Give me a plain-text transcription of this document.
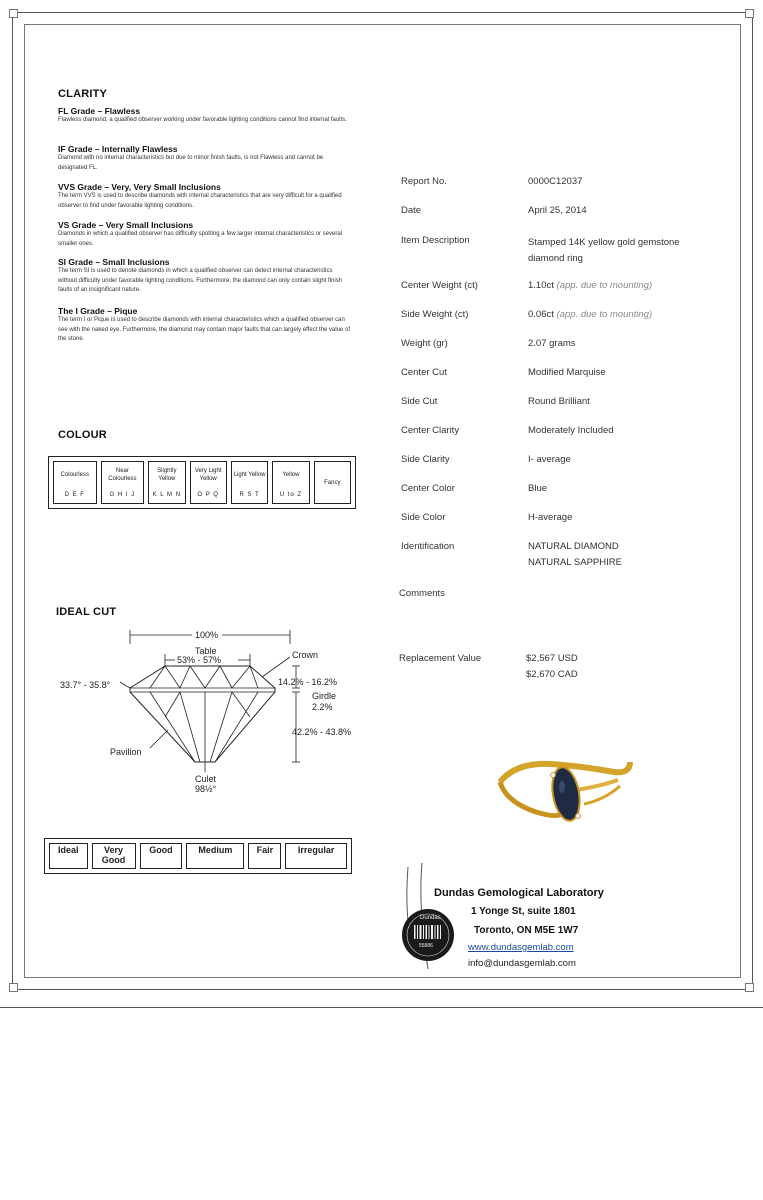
CLARITY
FL Grade – Flawless
Flawless diamond, a qualified observer working under favorable lighting conditions cannot find internal faults.
IF Grade – Internally Flawless
Diamond with no internal characteristics but due to minor finish faults, is not Flawless and cannot be designated FL.
VVS Grade – Very, Very Small Inclusions
The term VVS is used to describe diamonds with internal characteristics that are very difficult for a qualified observer to find under favorable lighting conditions.
VS Grade – Very Small Inclusions
Diamonds in which a qualified observer has difficulty spotting a few larger internal characteristics or several smaller ones.
SI Grade – Small Inclusions
The term SI is used to denote diamonds in which a qualified observer can detect internal characteristics without difficulty under favorable lighting conditions. Furthermore, the diamond can only contain slight finish faults of an insignificant nature.
The I Grade – Pique
The term I or Pique is used to describe diamonds with internal characteristics which a qualified observer can see with the naked eye. Furthermore, the diamond may contain major faults that can largely effect the value of the stone.
COLOUR
Colourless
D E F

Near Colourless
G H I J

Slightly Yellow
K L M N

Very Light Yellow
O P Q

Light Yellow
R S T

Yellow
U to Z

Fancy
IDEAL CUT
100%
Table
53% - 57%	Crown
33.7° - 35.8°	14.2% - 16.2%
Girdle
2.2%
42.2% - 43.8%
Pavilion
Culet
98½°
Ideal	Very Good	Good	Medium	Fair	Irregular
Report No.	0000C12037
Date	April 25, 2014
Item Description	Stamped 14K yellow gold gemstone diamond ring
Center Weight (ct)	1.10ct (app. due to mounting)
Side Weight (ct)	0.06ct (app. due to mounting)
Weight (gr)	2.07 grams
Center Cut	Modified Marquise
Side Cut	Round Brilliant
Center Clarity	Moderately Included
Side Clarity	I- average
Center Color	Blue
Side Color	H-average
Identification	NATURAL DIAMOND
NATURAL SAPPHIRE
Comments
Replacement Value	$2,567 USD
$2,670 CAD
Dundas
55886
Dundas Gemological Laboratory
1 Yonge St, suite 1801
Toronto, ON M5E 1W7
www.dundasgemlab.com
info@dundasgemlab.com
